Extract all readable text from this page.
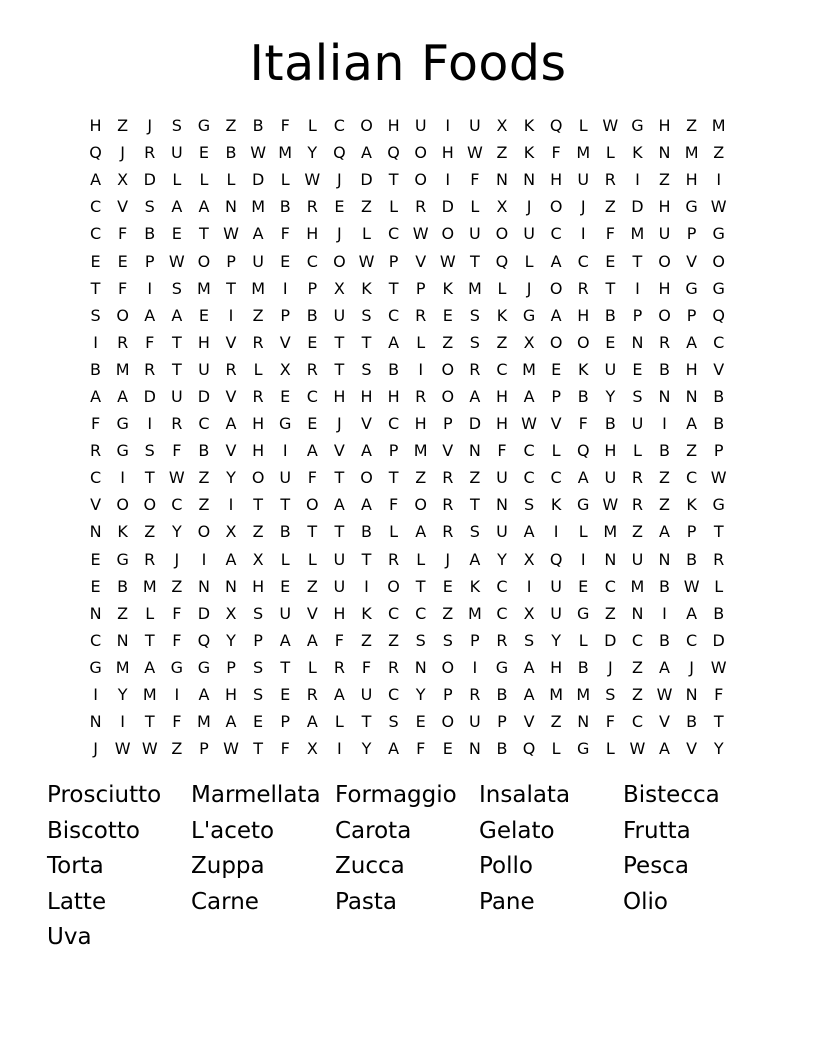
Italian Foods
H Z	J	S G Z	B	F	L	C O H U	I	U X	K Q	L W G H Z M
Q	J	R U	E	B W M Y Q A Q O H W Z	K	F M L	K N M Z
A	X D	L	L	L	D	L W	J	D	T O	I	F	N N H U R	I	Z H	I
C	V	S	A	A N M B	R	E	Z	L	R D	L	X	J	O	J	Z D H G W
C	F	B	E	T W A	F	H	J	L	C W O U O U C	I	F M U	P	G
E	E	P W O P	U	E	C O W P	V W T Q	L	A	C	E	T O V O
T	F	I	S M T M	I	P	X	K	T	P	K M L	J	O R	T	I	H G G
S O A	A	E	I	Z	P	B U	S	C R	E	S	K G A H B	P O P Q
I	R	F	T	H V	R	V	E	T	T	A	L	Z	S	Z	X O O E	N R	A	C
B M R	T	U R	L	X	R	T	S	B	I	O R C M E	K U	E	B H V
A	A D U D V	R	E	C H H H R O A H A	P	B	Y	S	N N B
F	G	I	R C	A H G E	J	V	C H	P	D H W V	F	B U	I	A	B
R G S	F	B	V H	I	A	V	A	P M V N	F	C	L	Q H	L	B	Z	P
C	I	T W Z	Y O U	F	T O T	Z	R	Z U C C	A U R	Z	C W
V O O C	Z	I	T	T O A	A	F	O R	T	N	S	K G W R	Z	K G
N K	Z	Y O X	Z	B	T	T	B	L	A	R	S	U A	I	L M Z	A	P	T
E G R	J	I	A	X	L	L	U	T	R	L	J	A	Y	X Q	I	N U N B	R
E	B M Z N N H	E	Z U	I	O T	E	K	C	I	U	E	C M B W L
N Z	L	F	D X	S	U V H K	C C	Z M C	X U G Z N	I	A	B
C N	T	F	Q Y	P	A	A	F	Z	Z	S	S	P	R	S	Y	L	D C	B	C D
G M A G G	P	S	T	L	R	F	R N O	I	G A H B	J	Z	A	J	W
I	Y M	I	A H	S	E	R	A U C	Y	P	R	B	A M M S	Z W N	F
N	I	T	F M A	E	P	A	L	T	S	E O U	P	V	Z N	F	C	V	B	T
J	W W Z	P W T	F	X	I	Y	A	F	E	N B Q	L	G	L W A	V	Y
Prosciutto	Marmellata Formaggio Insalata	Bistecca
Biscotto	L'aceto	Carota	Gelato	Frutta
Torta	Zuppa	Zucca	Pollo	Pesca
Latte	Carne	Pasta	Pane	Olio
Uva
